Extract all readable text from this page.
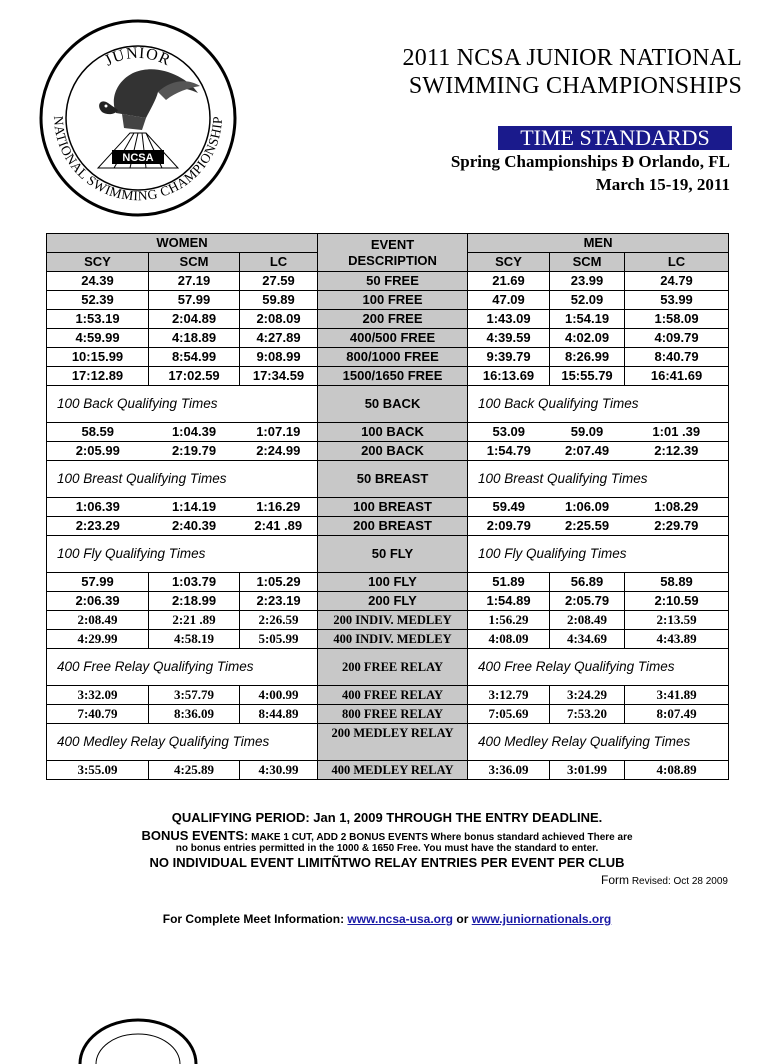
JUNIOR
NATIONAL SWIMMING CHAMPIONSHIP
NCSA
2011 NCSA JUNIOR NATIONAL
SWIMMING CHAMPIONSHIPS
TIME STANDARDS
Spring Championships Ð Orlando, FL
March 15-19, 2011
WOMEN			EVENT
DESCRIPTION	MEN		
SCY	SCM	LC		SCY	SCM	LC
24.39	27.19	27.59	50 FREE	21.69	23.99	24.79
52.39	57.99	59.89	100 FREE	47.09	52.09	53.99
1:53.19	2:04.89	2:08.09	200 FREE	1:43.09	1:54.19	1:58.09
4:59.99	4:18.89	4:27.89	400/500 FREE	4:39.59	4:02.09	4:09.79
10:15.99	8:54.99	9:08.99	800/1000 FREE	9:39.79	8:26.99	8:40.79
17:12.89	17:02.59	17:34.59	1500/1650 FREE	16:13.69	15:55.79	16:41.69
100 Back Qualifying Times			50 BACK	100 Back Qualifying Times		
58.59	1:04.39	1:07.19	100 BACK	53.09	59.09	1:01 .39
2:05.99	2:19.79	2:24.99	200 BACK	1:54.79	2:07.49	2:12.39
100 Breast Qualifying Times			50 BREAST	100 Breast Qualifying Times		
1:06.39	1:14.19	1:16.29	100 BREAST	59.49	1:06.09	1:08.29
2:23.29	2:40.39	2:41 .89	200 BREAST	2:09.79	2:25.59	2:29.79
100 Fly Qualifying Times			50 FLY	100 Fly Qualifying Times		
57.99	1:03.79	1:05.29	100 FLY	51.89	56.89	58.89
2:06.39	2:18.99	2:23.19	200 FLY	1:54.89	2:05.79	2:10.59
2:08.49	2:21 .89	2:26.59	200 INDIV. MEDLEY	1:56.29	2:08.49	2:13.59
4:29.99	4:58.19	5:05.99	400 INDIV. MEDLEY	4:08.09	4:34.69	4:43.89
400 Free Relay Qualifying Times			200 FREE RELAY	400 Free Relay Qualifying Times		
3:32.09	3:57.79	4:00.99	400 FREE RELAY	3:12.79	3:24.29	3:41.89
7:40.79	8:36.09	8:44.89	800 FREE RELAY	7:05.69	7:53.20	8:07.49
400 Medley Relay Qualifying Times			200 MEDLEY RELAY	400 Medley Relay Qualifying Times		
3:55.09	4:25.89	4:30.99	400 MEDLEY RELAY	3:36.09	3:01.99	4:08.89
QUALIFYING PERIOD: Jan 1, 2009 THROUGH THE ENTRY DEADLINE.
BONUS EVENTS: MAKE 1 CUT, ADD 2 BONUS EVENTS Where bonus standard achieved There are
no bonus entries permitted in the 1000 & 1650 Free. You must have the standard to enter.
NO INDIVIDUAL EVENT LIMITÑTWO RELAY ENTRIES PER EVENT PER CLUB
Form Revised: Oct 28 2009
For Complete Meet Information: www.ncsa-usa.org or www.juniornationals.org
